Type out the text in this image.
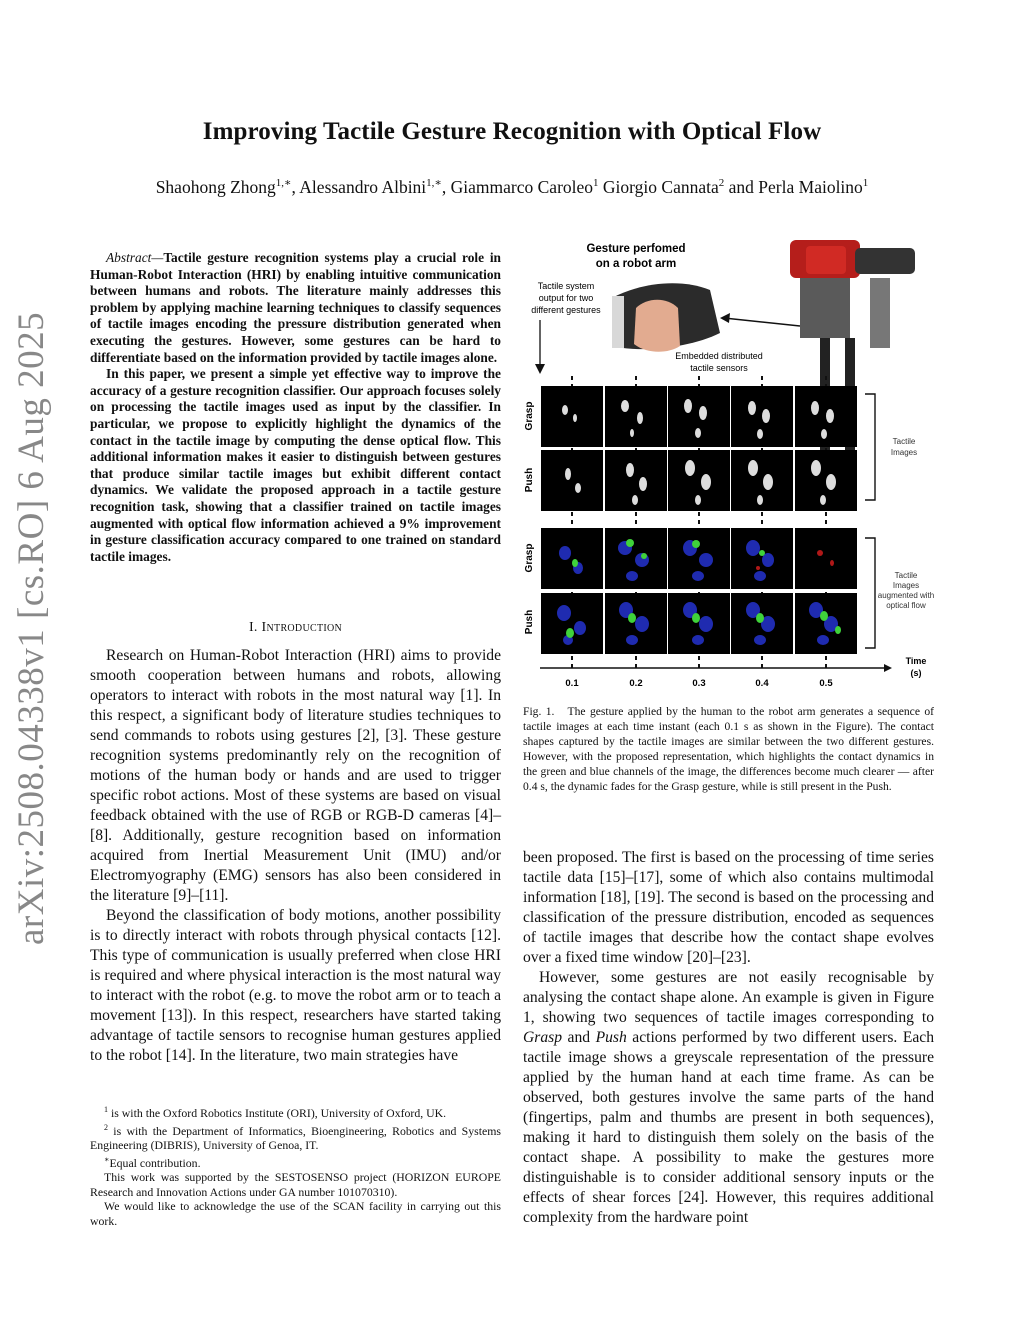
arXiv:2508.04338v1 [cs.RO] 6 Aug 2025
Improving Tactile Gesture Recognition with Optical Flow
Shaohong Zhong$^{1,∗}$, Alessandro Albini$^{1,∗}$, Giammarco Caroleo$^1$ Giorgio Cannata$^2$ and Perla Maiolino$^1$

Abstract—Tactile gesture recognition systems play a crucial role in Human-Robot Interaction (HRI) by enabling intuitive communication between humans and robots. The literature mainly addresses this problem by applying machine learning techniques to classify sequences of tactile images encoding the pressure distribution generated when executing the gestures. However, some gestures can be hard to differentiate based on the information provided by tactile images alone.

In this paper, we present a simple yet effective way to improve the accuracy of a gesture recognition classifier. Our approach focuses solely on processing the tactile images used as input by the classifier. In particular, we propose to explicitly highlight the dynamics of the contact in the tactile image by computing the dense optical flow. This additional information makes it easier to distinguish between gestures that produce similar tactile images but exhibit different contact dynamics. We validate the proposed approach in a tactile gesture recognition task, showing that a classifier trained on tactile images augmented with optical flow information achieved a 9% improvement in gesture classification accuracy compared to one trained on standard tactile images.

I. Introduction

Research on Human-Robot Interaction (HRI) aims to provide smooth cooperation between humans and robots, allowing operators to interact with robots in the most natural way [1]. In this respect, a significant body of literature studies techniques to send commands to robots using gestures [2], [3]. These gesture recognition systems predominantly rely on the recognition of motions of the human body or hands and are used to trigger specific robot actions. Most of these systems are based on visual feedback obtained with the use of RGB or RGB-D cameras [4]–[8]. Additionally, gesture recognition based on information acquired from Inertial Measurement Unit (IMU) and/or Electromyography (EMG) sensors has also been considered in the literature [9]–[11].

Beyond the classification of body motions, another possibility is to directly interact with robots through physical contacts [12]. This type of communication is usually preferred when close HRI is required and where physical interaction is the most natural way to interact with the robot (e.g. to move the robot arm or to teach a movement [13]). In this respect, researchers have started taking advantage of tactile sensors to recognise human gestures applied to the robot [14]. In the literature, two main strategies have

$^1$ is with the Oxford Robotics Institute (ORI), University of Oxford, UK.

$^2$ is with the Department of Informatics, Bioengineering, Robotics and Systems Engineering (DIBRIS), University of Genoa, IT.

∗Equal contribution.

This work was supported by the SESTOSENSO project (HORIZON EUROPE Research and Innovation Actions under GA number 101070310).

We would like to acknowledge the use of the SCAN facility in carrying out this work.

Gesture perfomed
on a robot arm
Tactile system
output for two
different gestures
Embedded distributed
tactile sensors
Grasp
Push
Grasp
Push
Tactile
Images
Tactile
Images
augmented with
optical flow
Time
(s)
0.1	0.2	0.3	0.4	0.5
Fig. 1. The gesture applied by the human to the robot arm generates a sequence of tactile images at each time instant (each 0.1 s as shown in the Figure). The contact shapes captured by the tactile images are similar between the two different gestures. However, with the proposed representation, which highlights the contact dynamics in the green and blue channels of the image, the differences become much clearer — after 0.4 s, the dynamic fades for the Grasp gesture, while is still present in the Push.

been proposed. The first is based on the processing of time series tactile data [15]–[17], some of which also contains multimodal information [18], [19]. The second is based on the processing and classification of the pressure distribution, encoded as sequences of tactile images that describe how the contact shape evolves over a fixed time window [20]–[23].

However, some gestures are not easily recognisable by analysing the contact shape alone. An example is given in Figure 1, showing two sequences of tactile images corresponding to Grasp and Push actions performed by two different users. Each tactile image shows a greyscale representation of the pressure applied by the human hand at each time frame. As can be observed, both gestures involve the same parts of the hand (fingertips, palm and thumbs are present in both sequences), making it hard to distinguish them solely on the basis of the contact shape. A possibility to make the gestures more distinguishable is to consider additional sensory inputs or the effects of shear forces [24]. However, this requires additional complexity from the hardware point
